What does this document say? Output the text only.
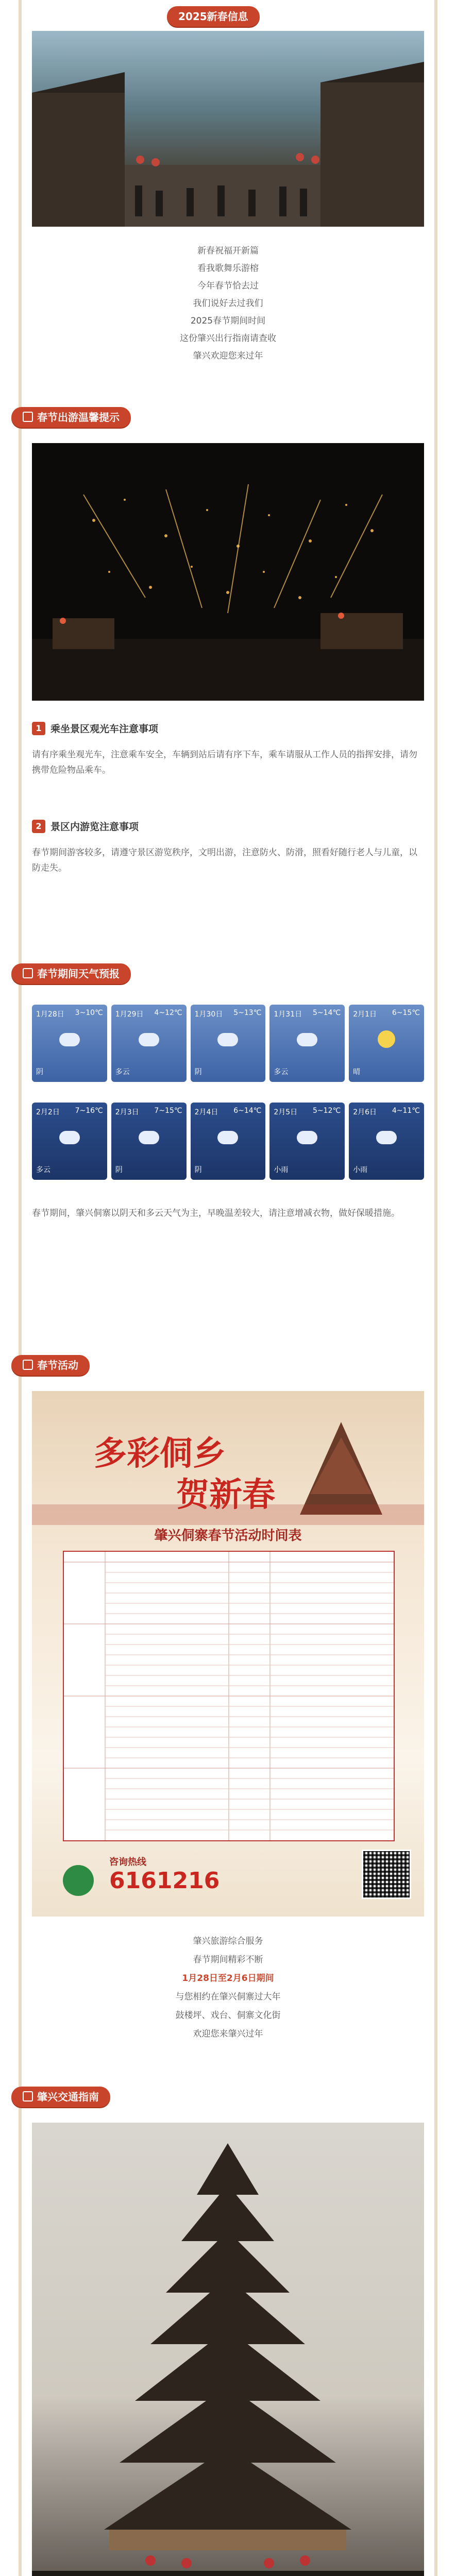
2025新春信息
新春祝福开新篇
看我歌舞乐游榕
今年春节恰去过
我们说好去过我们
2025春节期间时间
这份肇兴出行指南请查收
肇兴欢迎您来过年
春节出游温馨提示
1 乘坐景区观光车注意事项
请有序乘坐观光车，注意乘车安全，车辆到站后请有序下车，乘车请服从工作人员的指挥安排，请勿携带危险物品乘车。
2 景区内游览注意事项
春节期间游客较多，请遵守景区游览秩序，文明出游，注意防火、防滑，照看好随行老人与儿童，以防走失。
春节期间天气预报
1月28日 3~10℃
阴
1月29日 4~12℃
多云
1月30日 5~13℃
阴
1月31日 5~14℃
多云
2月1日 6~15℃
晴
2月2日 7~16℃
多云
2月3日 7~15℃
阴
2月4日 6~14℃
阴
2月5日 5~12℃
小雨
2月6日 4~11℃
小雨
春节期间，肇兴侗寨以阴天和多云天气为主，早晚温差较大，请注意增减衣物，做好保暖措施。
春节活动
多彩侗乡
贺新春
肇兴侗寨春节活动时间表
咨询热线
6161216
肇兴旅游综合服务
春节期间精彩不断
1月28日至2月6日期间
与您相约在肇兴侗寨过大年
鼓楼坪、戏台、侗寨文化街
欢迎您来肇兴过年
肇兴交通指南
